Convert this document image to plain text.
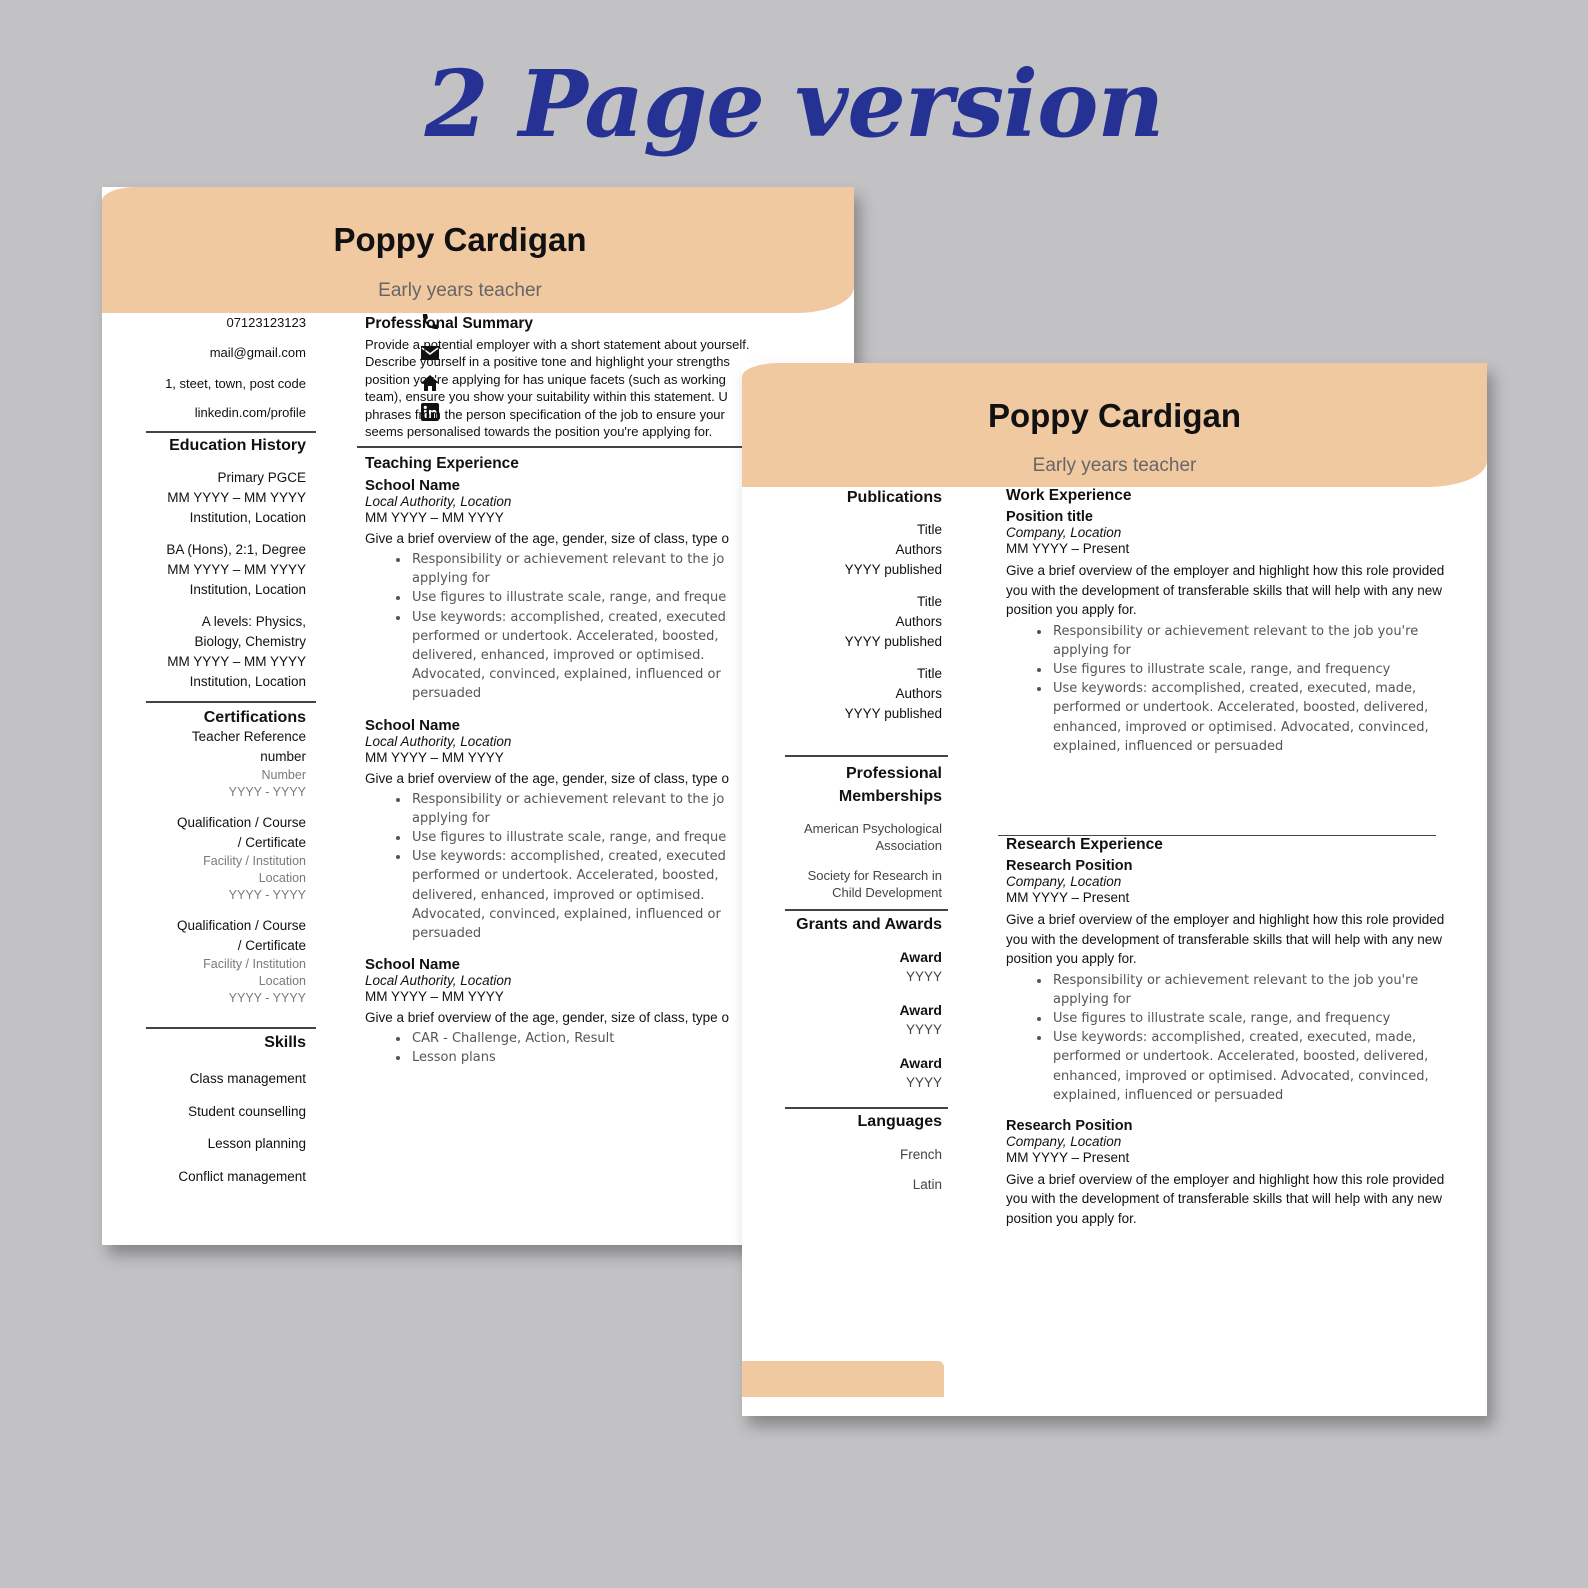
2 Page version
Poppy Cardigan
Early years teacher
07123123123
mail@gmail.com
1, steet, town, post code
linkedin.com/profile
Education History
Primary PGCE
MM YYYY – MM YYYY
Institution, Location
BA (Hons), 2:1, Degree
MM YYYY – MM YYYY
Institution, Location
A levels: Physics,
Biology, Chemistry
MM YYYY – MM YYYY
Institution, Location
Certifications
Teacher Reference
number
Number
YYYY - YYYY
Qualification / Course
/ Certificate
Facility / Institution
Location
YYYY - YYYY
Qualification / Course
/ Certificate
Facility / Institution
Location
YYYY - YYYY
Skills
Class management
Student counselling
Lesson planning
Conflict management
Professional Summary
Provide a potential employer with a short statement about yourself.
Describe yourself in a positive tone and highlight your strengths
position you're applying for has unique facets (such as working
team), ensure you show your suitability within this statement. U
phrases from the person specification of the job to ensure your
seems personalised towards the position you're applying for.
Teaching Experience
School Name
Local Authority, Location
MM YYYY – MM YYYY
Give a brief overview of the age, gender, size of class, type o
• Responsibility or achievement relevant to the jo applying for
• Use figures to illustrate scale, range, and freque
• Use keywords: accomplished, created, executed performed or undertook. Accelerated, boosted, delivered, enhanced, improved or optimised. Advocated, convinced, explained, influenced or persuaded
School Name
Local Authority, Location
MM YYYY – MM YYYY
Give a brief overview of the age, gender, size of class, type o
• Responsibility or achievement relevant to the jo applying for
• Use figures to illustrate scale, range, and freque
• Use keywords: accomplished, created, executed performed or undertook. Accelerated, boosted, delivered, enhanced, improved or optimised. Advocated, convinced, explained, influenced or persuaded
School Name
Local Authority, Location
MM YYYY – MM YYYY
Give a brief overview of the age, gender, size of class, type o
• CAR - Challenge, Action, Result
• Lesson plans
Poppy Cardigan
Early years teacher
Publications
Title
Authors
YYYY published
Title
Authors
YYYY published
Title
Authors
YYYY published
Professional
Memberships
American Psychological
Association
Society for Research in
Child Development
Grants and Awards
Award
YYYY
Award
YYYY
Award
YYYY
Languages
French
Latin
Work Experience
Position title
Company, Location
MM YYYY – Present
Give a brief overview of the employer and highlight how this role provided you with the development of transferable skills that will help with any new position you apply for.
• Responsibility or achievement relevant to the job you're applying for
• Use figures to illustrate scale, range, and frequency
• Use keywords: accomplished, created, executed, made, performed or undertook. Accelerated, boosted, delivered, enhanced, improved or optimised. Advocated, convinced, explained, influenced or persuaded
Research Experience
Research Position
Company, Location
MM YYYY – Present
Give a brief overview of the employer and highlight how this role provided you with the development of transferable skills that will help with any new position you apply for.
• Responsibility or achievement relevant to the job you're applying for
• Use figures to illustrate scale, range, and frequency
• Use keywords: accomplished, created, executed, made, performed or undertook. Accelerated, boosted, delivered, enhanced, improved or optimised. Advocated, convinced, explained, influenced or persuaded
Research Position
Company, Location
MM YYYY – Present
Give a brief overview of the employer and highlight how this role provided you with the development of transferable skills that will help with any new position you apply for.
